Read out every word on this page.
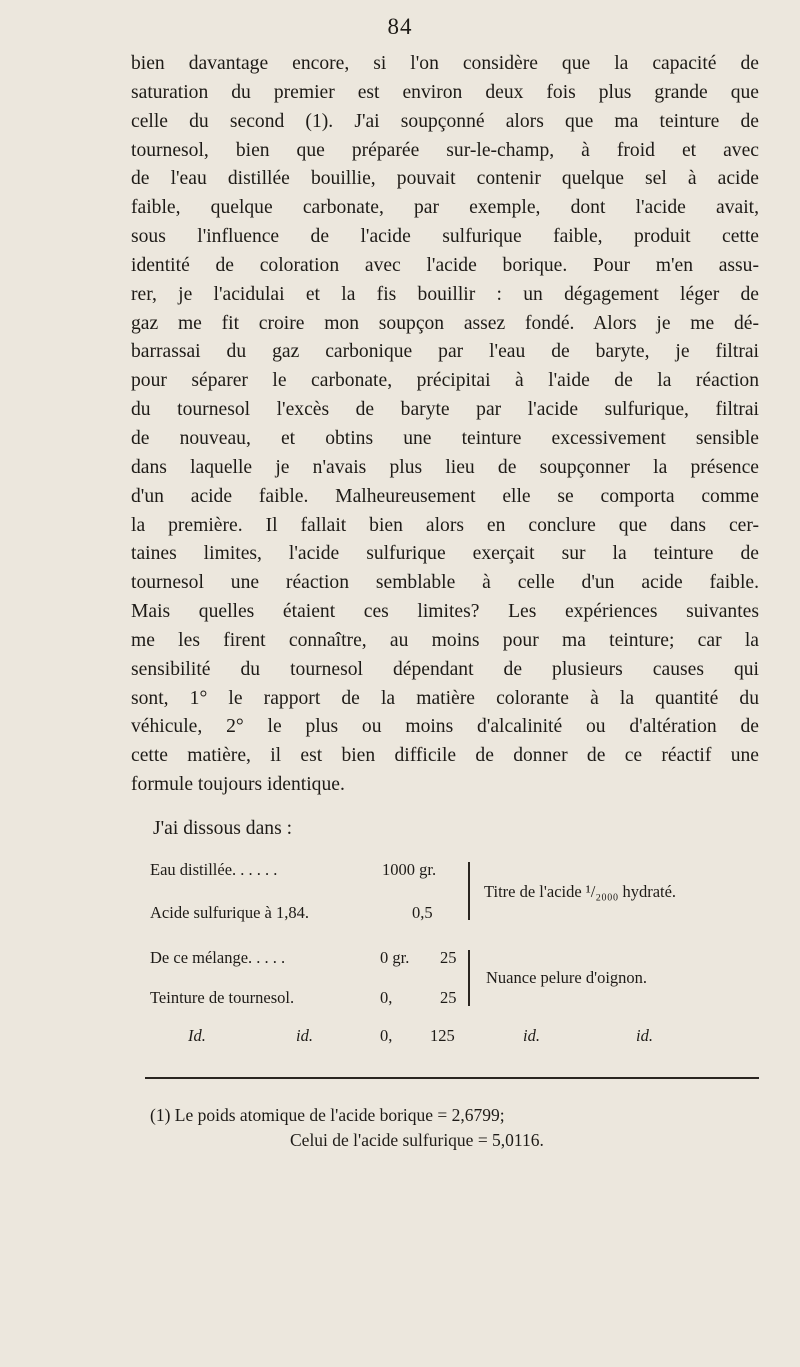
84
bien davantage encore, si l'on considère que la capacité de
saturation du premier est environ deux fois plus grande que
celle du second (1). J'ai soupçonné alors que ma teinture de
tournesol, bien que préparée sur-le-champ, à froid et avec
de l'eau distillée bouillie, pouvait contenir quelque sel à acide
faible, quelque carbonate, par exemple, dont l'acide avait,
sous l'influence de l'acide sulfurique faible, produit cette
identité de coloration avec l'acide borique. Pour m'en assu-
rer, je l'acidulai et la fis bouillir : un dégagement léger de
gaz me fit croire mon soupçon assez fondé. Alors je me dé-
barrassai du gaz carbonique par l'eau de baryte, je filtrai
pour séparer le carbonate, précipitai à l'aide de la réaction
du tournesol l'excès de baryte par l'acide sulfurique, filtrai
de nouveau, et obtins une teinture excessivement sensible
dans laquelle je n'avais plus lieu de soupçonner la présence
d'un acide faible. Malheureusement elle se comporta comme
la première. Il fallait bien alors en conclure que dans cer-
taines limites, l'acide sulfurique exerçait sur la teinture de
tournesol une réaction semblable à celle d'un acide faible.
Mais quelles étaient ces limites? Les expériences suivantes
me les firent connaître, au moins pour ma teinture; car la
sensibilité du tournesol dépendant de plusieurs causes qui
sont, 1° le rapport de la matière colorante à la quantité du
véhicule, 2° le plus ou moins d'alcalinité ou d'altération de
cette matière, il est bien difficile de donner de ce réactif une
formule toujours identique.
J'ai dissous dans :
Eau distillée. . . . . .	1000 gr.
Acide sulfurique à 1,84.	0,5
Titre de l'acide ¹/₂₀₀₀ hydraté.
De ce mélange. . . . .	0 gr. 25
Teinture de tournesol.	0,	25
Nuance pelure d'oignon.
Id.	id.	0, 125	id.	id.
(1) Le poids atomique de l'acide borique = 2,6799;
Celui de l'acide sulfurique = 5,0116.
